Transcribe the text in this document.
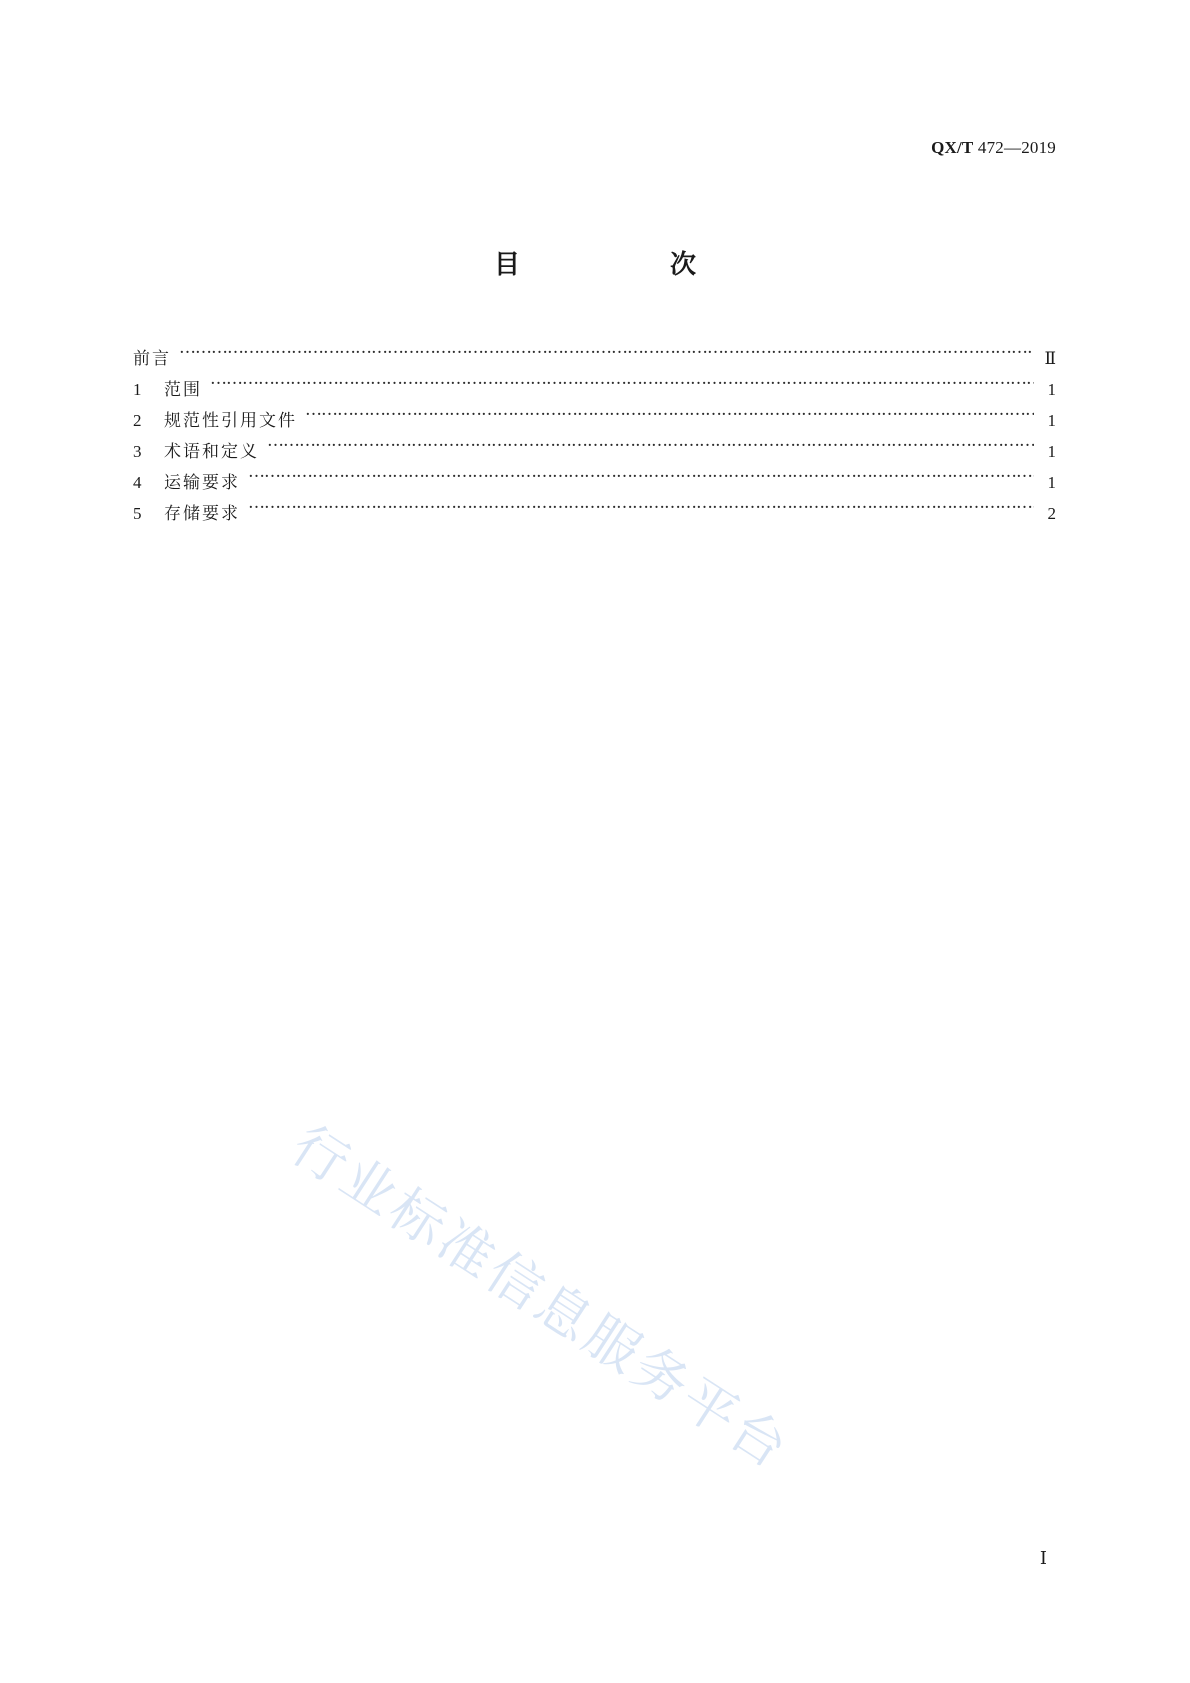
QX/T 472—2019
目　次
前言 …………………………………………………………………………………………………………………………………………………………………………………………………………	Ⅱ
1	范围 …………………………………………………………………………………………………………………………………………………………………………………………………………	1
2	规范性引用文件 …………………………………………………………………………………………………………………………………………………………………………………………………………	1
3	术语和定义 …………………………………………………………………………………………………………………………………………………………………………………………………………	1
4	运输要求 …………………………………………………………………………………………………………………………………………………………………………………………………………	1
5	存储要求 …………………………………………………………………………………………………………………………………………………………………………………………………………	2
行业标准信息服务平台
Ⅰ
